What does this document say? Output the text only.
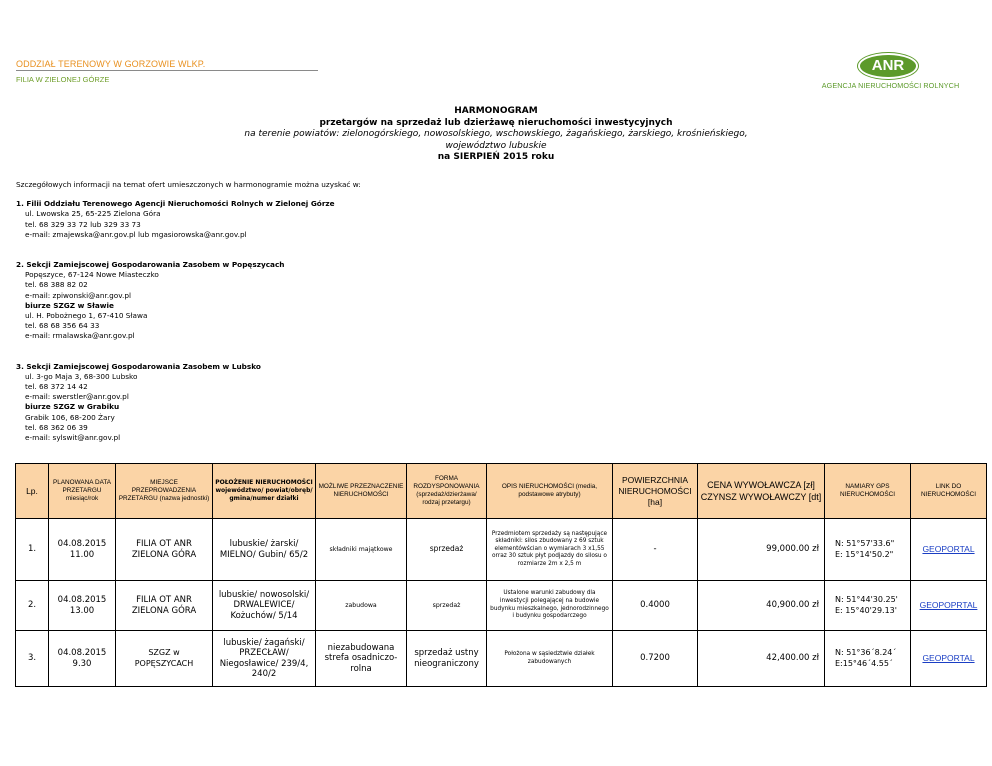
ODDZIAŁ TERENOWY W GORZOWIE WLKP.
FILIA W ZIELONEJ GÓRZE
ANR
AGENCJA NIERUCHOMOŚCI ROLNYCH
HARMONOGRAM
przetargów na sprzedaż lub dzierżawę nieruchomości inwestycyjnych
na terenie powiatów: zielonogórskiego, nowosolskiego, wschowskiego, żagańskiego, żarskiego, krośnieńskiego,
województwo lubuskie
na SIERPIEŃ 2015 roku

Szczegółowych informacji na temat ofert umieszczonych w harmonogramie można uzyskać w:

1. Filii Oddziału Terenowego Agencji Nieruchomości Rolnych w Zielonej Górze

ul. Lwowska 25, 65-225 Zielona Góra

tel. 68 329 33 72 lub 329 33 73

e-mail: zmajewska@anr.gov.pl lub mgasiorowska@anr.gov.pl

2. Sekcji Zamiejscowej Gospodarowania Zasobem w Popęszycach

Popęszyce, 67-124 Nowe Miasteczko

tel. 68 388 82 02

e-mail: zpiwonski@anr.gov.pl

biurze SZGZ w Sławie

ul. H. Pobożnego 1, 67-410 Sława

tel. 68 68 356 64 33

e-mail: rmalawska@anr.gov.pl

3. Sekcji Zamiejscowej Gospodarowania Zasobem w Lubsko

ul. 3-go Maja 3, 68-300 Lubsko

tel. 68 372 14 42

e-mail: swerstler@anr.gov.pl

biurze SZGZ w Grabiku

Grabik 106, 68-200 Żary

tel. 68 362 06 39

e-mail: sylswit@anr.gov.pl

Lp.	PLANOWANA DATA PRZETARGU miesiąc/rok	MIEJSCE PRZEPROWADZENIA PRZETARGU (nazwa jednostki)	POŁOŻENIE NIERUCHOMOŚCI
województwo/ powiat/obręb/ gmina/numer działki	MOŻLIWE PRZEZNACZENIE NIERUCHOMOŚCI	FORMA ROZDYSPONOWANIA (sprzedaż/dzierżawa/ rodzaj przetargu)	OPIS NIERUCHOMOŚCI (media, podstawowe atrybuty)	POWIERZCHNIA NIERUCHOMOŚCI [ha]	CENA WYWOŁAWCZA [zł] CZYNSZ WYWOŁAWCZY [dt]	NAMIARY GPS NIERUCHOMOŚCI	LINK DO NIERUCHOMOŚCI
1.	04.08.2015
11.00	FILIA OT ANR ZIELONA GÓRA	lubuskie/ żarski/ MIELNO/ Gubin/ 65/2	składniki majątkowe	sprzedaż	Przedmiotem sprzedaży są następujące składniki: silos zbudowany z 69 sztuk elementówścian o wymiarach 3 x1,55 orraz 30 sztuk płyt podjazdy do silosu o rozmiarze 2m x 2,5 m	-	99,000.00 zł	N: 51°57'33.6"
E: 15°14'50.2"	GEOPORTAL
2.	04.08.2015
13.00	FILIA OT ANR ZIELONA GÓRA	lubuskie/ nowosolski/ DRWALEWICE/ Kożuchów/ 5/14	zabudowa	sprzedaż	Ustalone warunki zabudowy dla inwestycji polegającej na budowie budynku mieszkalnego, jednorodzinnego i budynku gospodarczego	0.4000	40,900.00 zł	N: 51°44'30.25'
E: 15°40'29.13'	GEOPOPRTAL
3.	04.08.2015
9.30	SZGZ w POPĘSZYCACH	lubuskie/ żagański/ PRZECŁAW/ Niegosławice/ 239/4, 240/2	niezabudowana strefa osadniczo-rolna	sprzedaż ustny nieograniczony	Położona w sąsiedztwie działek zabudowanych	0.7200	42,400.00 zł	N: 51°36΄8.24΄
E:15°46΄4.55΄	GEOPORTAL
